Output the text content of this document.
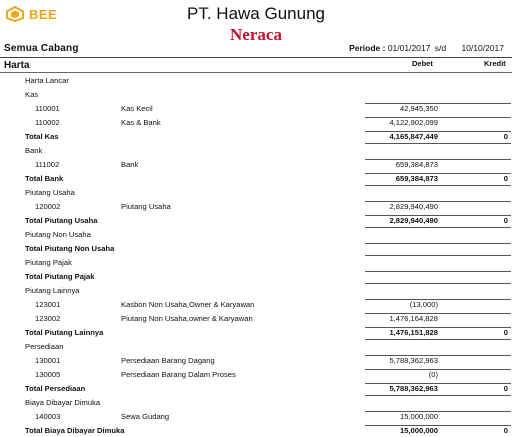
BEE	PT. Hawa Gunung
Neraca
Semua Cabang	Periode : 01/01/2017 s/d 10/10/2017
Harta	Debet	Kredit
Harta Lancar
Kas
110001	Kas Kecil	42,945,350
110002	Kas & Bank	4,122,902,099
Total Kas	4,165,847,449	0
Bank
111002	Bank	659,384,873
Total Bank	659,384,873	0
Piutang Usaha
120002	Piutang Usaha	2,829,940,490
Total Piutang Usaha	2,829,940,490	0
Piutang Non Usaha
Total Piutang Non Usaha
Piutang Pajak
Total Piutang Pajak
Piutang Lainnya
123001	Kasbon Non Usaha,Owner & Karyawan	(13,000)
123002	Piutang Non Usaha,owner & Karyawan	1,476,164,828
Total Piutang Lainnya	1,476,151,828	0
Persediaan
130001	Persediaan Barang Dagang	5,788,362,963
130005	Persediaan Barang Dalam Proses	(0)
Total Persediaan	5,788,362,963	0
Biaya Dibayar Dimuka
140003	Sewa Gudang	15,000,000
Total Biaya Dibayar Dimuka	15,000,000	0
